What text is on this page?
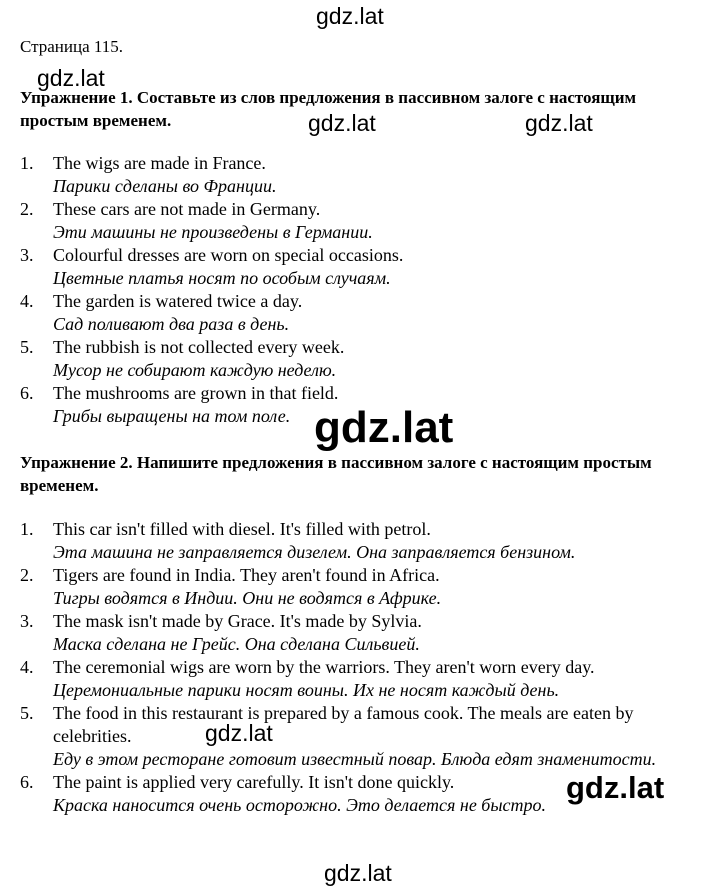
Страница 115.
Упражнение 1. Составьте из слов предложения в пассивном залоге с настоящим простым временем.
1. The wigs are made in France.
Парики сделаны во Франции.
2. These cars are not made in Germany.
Эти машины не произведены в Германии.
3. Colourful dresses are worn on special occasions.
Цветные платья носят по особым случаям.
4. The garden is watered twice a day.
Сад поливают два раза в день.
5. The rubbish is not collected every week.
Мусор не собирают каждую неделю.
6. The mushrooms are grown in that field.
Грибы выращены на том поле.
Упражнение 2. Напишите предложения в пассивном залоге с настоящим простым временем.
1. This car isn't filled with diesel. It's filled with petrol.
Эта машина не заправляется дизелем. Она заправляется бензином.
2. Tigers are found in India. They aren't found in Africa.
Тигры водятся в Индии. Они не водятся в Африке.
3. The mask isn't made by Grace. It's made by Sylvia.
Маска сделана не Грейс. Она сделана Сильвией.
4. The ceremonial wigs are worn by the warriors. They aren't worn every day.
Церемониальные парики носят воины. Их не носят каждый день.
5. The food in this restaurant is prepared by a famous cook. The meals are eaten by celebrities.
Еду в этом ресторане готовит известный повар. Блюда едят знаменитости.
6. The paint is applied very carefully. It isn't done quickly.
Краска наносится очень осторожно. Это делается не быстро.
gdz.lat
gdz.lat
gdz.lat	gdz.lat
gdz.lat
gdz.lat
gdz.lat
gdz.lat
